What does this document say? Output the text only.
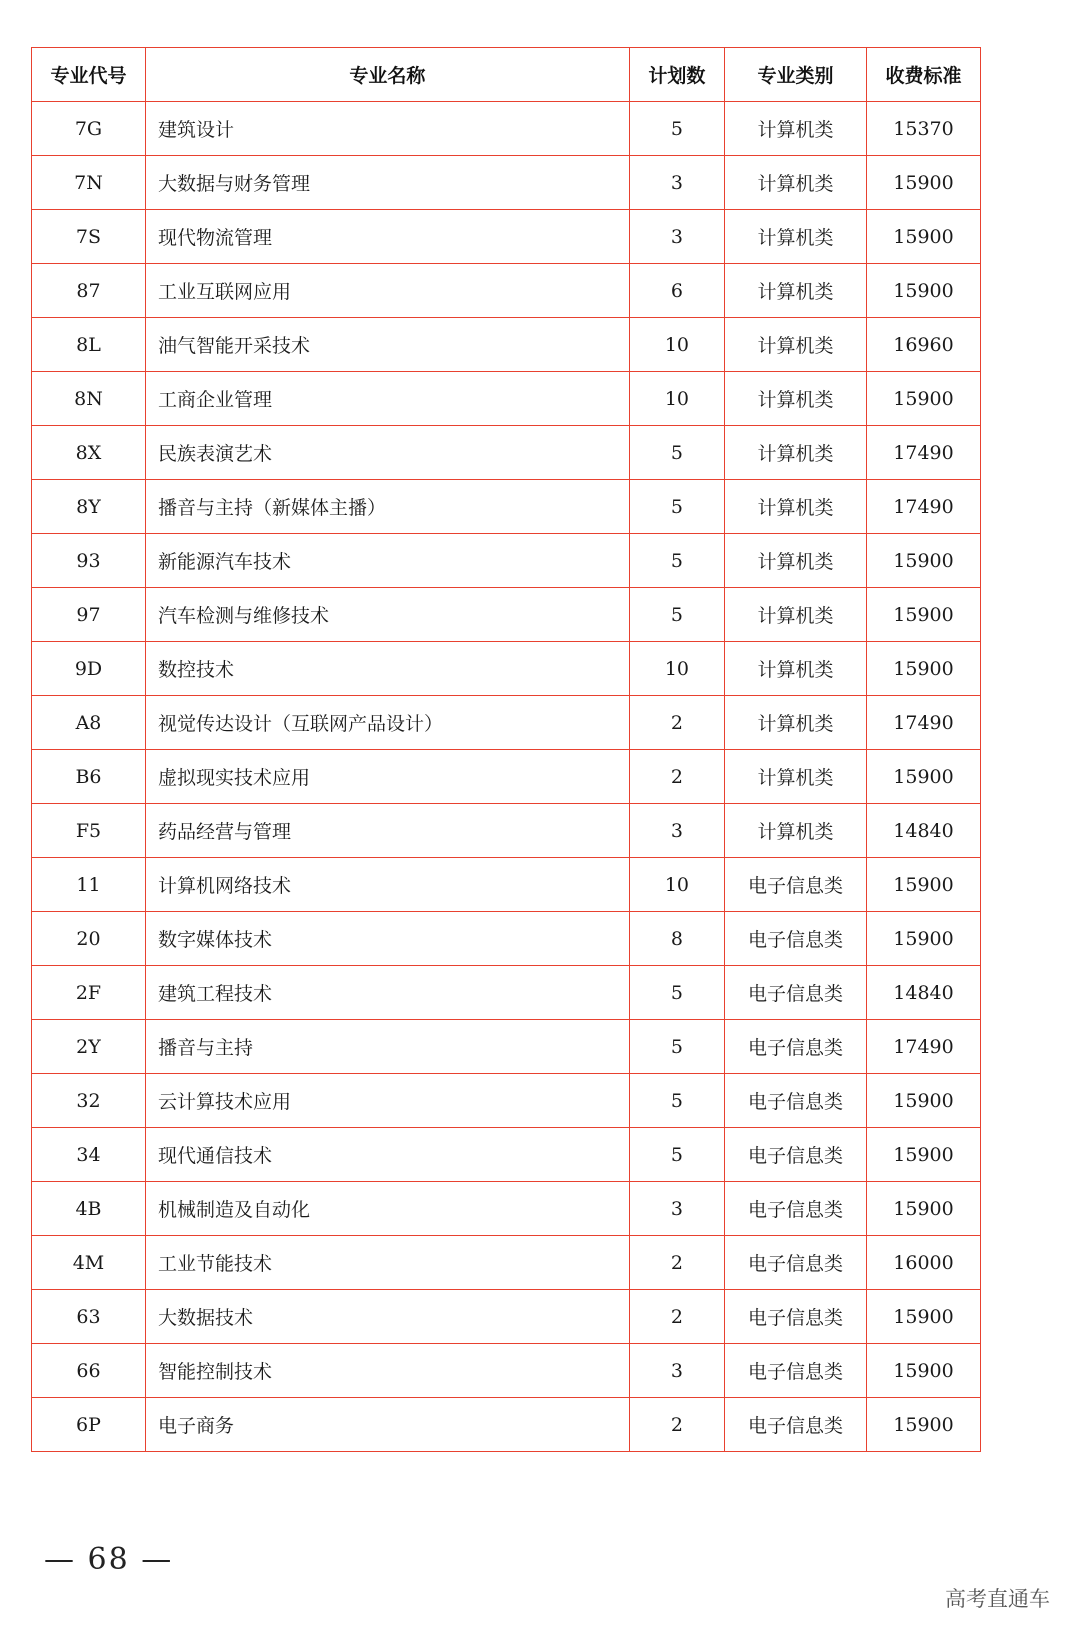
专业代号	专业名称	计划数	专业类别	收费标准
7G	建筑设计	5	计算机类	15370
7N	大数据与财务管理	3	计算机类	15900
7S	现代物流管理	3	计算机类	15900
87	工业互联网应用	6	计算机类	15900
8L	油气智能开采技术	10	计算机类	16960
8N	工商企业管理	10	计算机类	15900
8X	民族表演艺术	5	计算机类	17490
8Y	播音与主持（新媒体主播）	5	计算机类	17490
93	新能源汽车技术	5	计算机类	15900
97	汽车检测与维修技术	5	计算机类	15900
9D	数控技术	10	计算机类	15900
A8	视觉传达设计（互联网产品设计）	2	计算机类	17490
B6	虚拟现实技术应用	2	计算机类	15900
F5	药品经营与管理	3	计算机类	14840
11	计算机网络技术	10	电子信息类	15900
20	数字媒体技术	8	电子信息类	15900
2F	建筑工程技术	5	电子信息类	14840
2Y	播音与主持	5	电子信息类	17490
32	云计算技术应用	5	电子信息类	15900
34	现代通信技术	5	电子信息类	15900
4B	机械制造及自动化	3	电子信息类	15900
4M	工业节能技术	2	电子信息类	16000
63	大数据技术	2	电子信息类	15900
66	智能控制技术	3	电子信息类	15900
6P	电子商务	2	电子信息类	15900
— 68 —
高考直通车
